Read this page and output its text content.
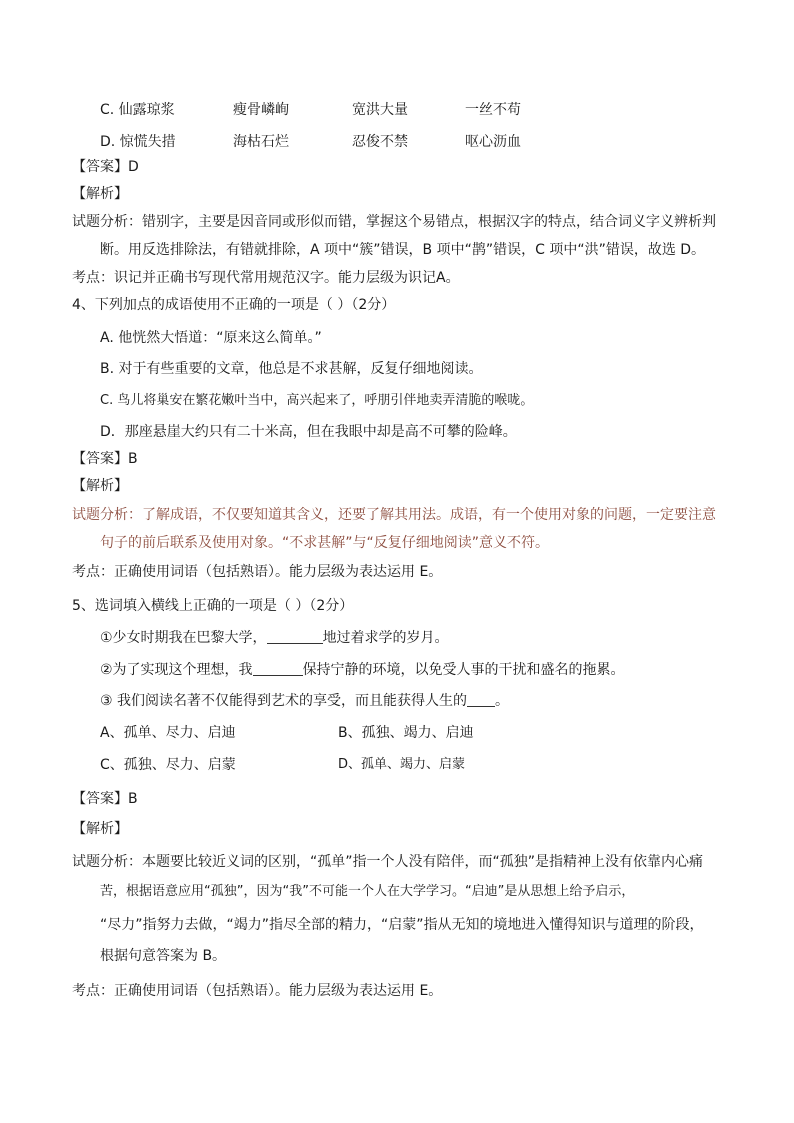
C. 仙露琼浆	瘦骨嶙峋	宽洪大量	一丝不苟
D. 惊慌失措	海枯石烂	忍俊不禁	呕心沥血
【答案】D
【解析】
试题分析：错别字，主要是因音同或形似而错，掌握这个易错点，根据汉字的特点，结合词义字义辨析判
断。用反选排除法，有错就排除，A 项中“簇”错误，B 项中“鹊”错误，C 项中“洪”错误，故选 D。
考点：识记并正确书写现代常用规范汉字。能力层级为识记A。
4、下列加点的成语使用不正确的一项是（ ）（2分）
A. 他恍然大悟道：“原来这么简单。”
B. 对于有些重要的文章，他总是不求甚解，反复仔细地阅读。
C. 鸟儿将巢安在繁花嫩叶当中，高兴起来了，呼朋引伴地卖弄清脆的喉咙。
D．那座悬崖大约只有二十米高，但在我眼中却是高不可攀的险峰。
【答案】B
【解析】
试题分析：了解成语，不仅要知道其含义，还要了解其用法。成语，有一个使用对象的问题，一定要注意
句子的前后联系及使用对象。“不求甚解”与“反复仔细地阅读”意义不符。
考点：正确使用词语（包括熟语）。能力层级为表达运用 E。
5、选词填入横线上正确的一项是（ ）（2分）
①少女时期我在巴黎大学，	地过着求学的岁月。
②为了实现这个理想，我	保持宁静的环境，以免受人事的干扰和盛名的拖累。
③ 我们阅读名著不仅能得到艺术的享受，而且能获得人生的 。
A、孤单、尽力、启迪	B、孤独、竭力、启迪
C、孤独、尽力、启蒙	D、孤单、竭力、启蒙
【答案】B
【解析】
试题分析：本题要比较近义词的区别，“孤单”指一个人没有陪伴，而“孤独”是指精神上没有依靠内心痛
苦，根据语意应用“孤独”，因为“我”不可能一个人在大学学习。“启迪”是从思想上给予启示，
“尽力”指努力去做，“竭力”指尽全部的精力，“启蒙”指从无知的境地进入懂得知识与道理的阶段，
根据句意答案为 B。
考点：正确使用词语（包括熟语）。能力层级为表达运用 E。
